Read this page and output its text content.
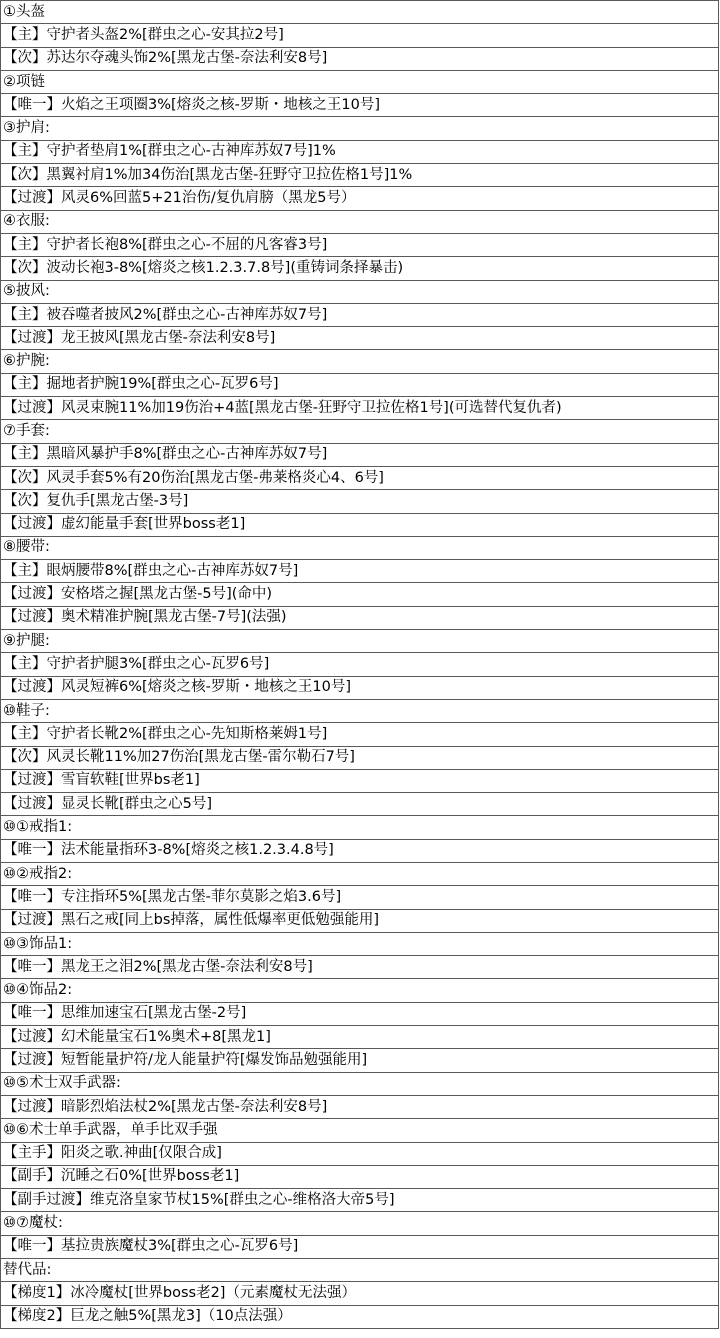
①头盔
【主】守护者头盔2%[群虫之心-安其拉2号]
【次】苏达尔夺魂头饰2%[黑龙古堡-奈法利安8号]
②项链
【唯一】火焰之王项圈3%[熔炎之核-罗斯・地核之王10号]
③护肩:
【主】守护者垫肩1%[群虫之心-古神库苏奴7号]1%
【次】黑翼衬肩1%加34伤治[黑龙古堡-狂野守卫拉佐格1号]1%
【过渡】风灵6%回蓝5+21治伤/复仇肩膀（黑龙5号）
④衣服:
【主】守护者长袍8%[群虫之心-不屈的凡客睿3号]
【次】波动长袍3-8%[熔炎之核1.2.3.7.8号](重铸词条择暴击)
⑤披风:
【主】被吞噬者披风2%[群虫之心-古神库苏奴7号]
【过渡】龙王披风[黑龙古堡-奈法利安8号]
⑥护腕:
【主】掘地者护腕19%[群虫之心-瓦罗6号]
【过渡】风灵束腕11%加19伤治+4蓝[黑龙古堡-狂野守卫拉佐格1号](可选替代复仇者)
⑦手套:
【主】黑暗风暴护手8%[群虫之心-古神库苏奴7号]
【次】风灵手套5%有20伤治[黑龙古堡-弗莱格炎心4、6号]
【次】复仇手[黑龙古堡-3号]
【过渡】虚幻能量手套[世界boss老1]
⑧腰带:
【主】眼炳腰带8%[群虫之心-古神库苏奴7号]
【过渡】安格塔之握[黑龙古堡-5号](命中)
【过渡】奥术精准护腕[黑龙古堡-7号](法强)
⑨护腿:
【主】守护者护腿3%[群虫之心-瓦罗6号]
【过渡】风灵短裤6%[熔炎之核-罗斯・地核之王10号]
⑩鞋子:
【主】守护者长靴2%[群虫之心-先知斯格莱姆1号]
【次】风灵长靴11%加27伤治[黑龙古堡-雷尔勒石7号]
【过渡】雪盲软鞋[世界bs老1]
【过渡】显灵长靴[群虫之心5号]
⑩①戒指1:
【唯一】法术能量指环3-8%[熔炎之核1.2.3.4.8号]
⑩②戒指2:
【唯一】专注指环5%[黑龙古堡-菲尔莫影之焰3.6号]
【过渡】黑石之戒[同上bs掉落，属性低爆率更低勉强能用]
⑩③饰品1:
【唯一】黑龙王之泪2%[黑龙古堡-奈法利安8号]
⑩④饰品2:
【唯一】思维加速宝石[黑龙古堡-2号]
【过渡】幻术能量宝石1%奥术+8[黑龙1]
【过渡】短暂能量护符/龙人能量护符[爆发饰品勉强能用]
⑩⑤术士双手武器:
【过渡】暗影烈焰法杖2%[黑龙古堡-奈法利安8号]
⑩⑥术士单手武器，单手比双手强
【主手】阳炎之歌.神曲[仅限合成]
【副手】沉睡之石0%[世界boss老1]
【副手过渡】维克洛皇家节杖15%[群虫之心-维格洛大帝5号]
⑩⑦魔杖:
【唯一】基拉贵族魔杖3%[群虫之心-瓦罗6号]
替代品:
【梯度1】冰冷魔杖[世界boss老2]（元素魔杖无法强）
【梯度2】巨龙之触5%[黑龙3]（10点法强）
